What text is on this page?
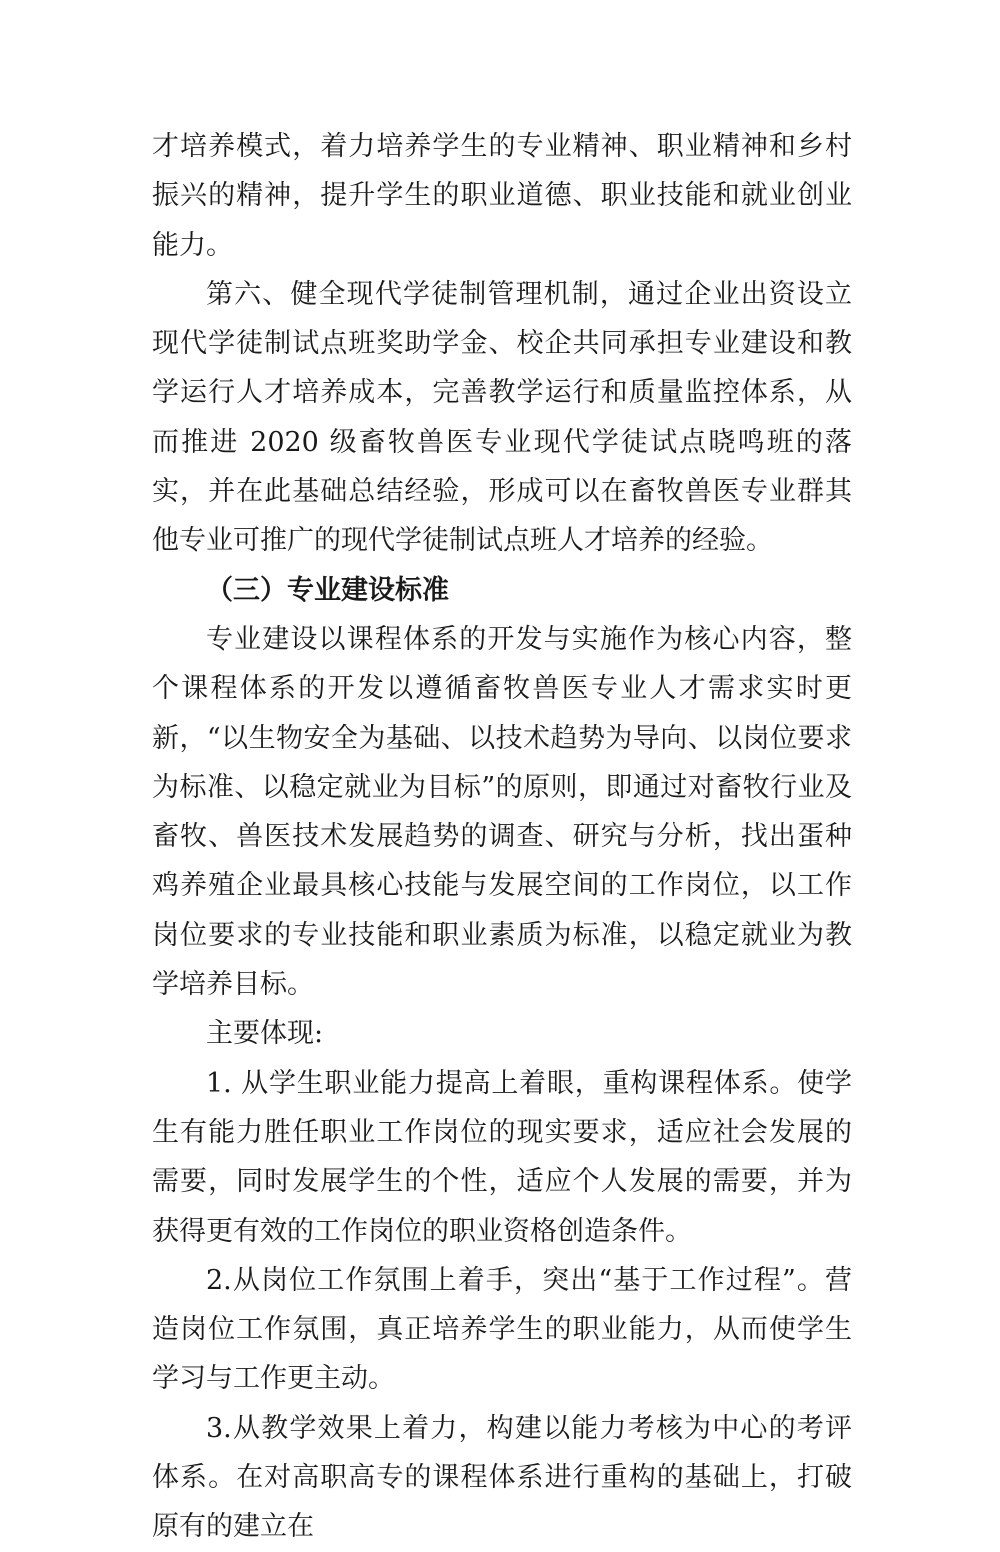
才培养模式，着力培养学生的专业精神、职业精神和乡村振兴的精神，提升学生的职业道德、职业技能和就业创业能力。

第六、健全现代学徒制管理机制，通过企业出资设立现代学徒制试点班奖助学金、校企共同承担专业建设和教学运行人才培养成本，完善教学运行和质量监控体系，从而推进 2020 级畜牧兽医专业现代学徒试点晓鸣班的落实，并在此基础总结经验，形成可以在畜牧兽医专业群其他专业可推广的现代学徒制试点班人才培养的经验。

（三）专业建设标准

专业建设以课程体系的开发与实施作为核心内容，整个课程体系的开发以遵循畜牧兽医专业人才需求实时更新，“以生物安全为基础、以技术趋势为导向、以岗位要求为标准、以稳定就业为目标”的原则，即通过对畜牧行业及畜牧、兽医技术发展趋势的调查、研究与分析，找出蛋种鸡养殖企业最具核心技能与发展空间的工作岗位，以工作岗位要求的专业技能和职业素质为标准，以稳定就业为教学培养目标。

主要体现:

1. 从学生职业能力提高上着眼，重构课程体系。使学生有能力胜任职业工作岗位的现实要求，适应社会发展的需要，同时发展学生的个性，适应个人发展的需要，并为获得更有效的工作岗位的职业资格创造条件。

2.从岗位工作氛围上着手，突出“基于工作过程”。营造岗位工作氛围，真正培养学生的职业能力，从而使学生学习与工作更主动。

3.从教学效果上着力，构建以能力考核为中心的考评体系。在对高职高专的课程体系进行重构的基础上，打破原有的建立在
